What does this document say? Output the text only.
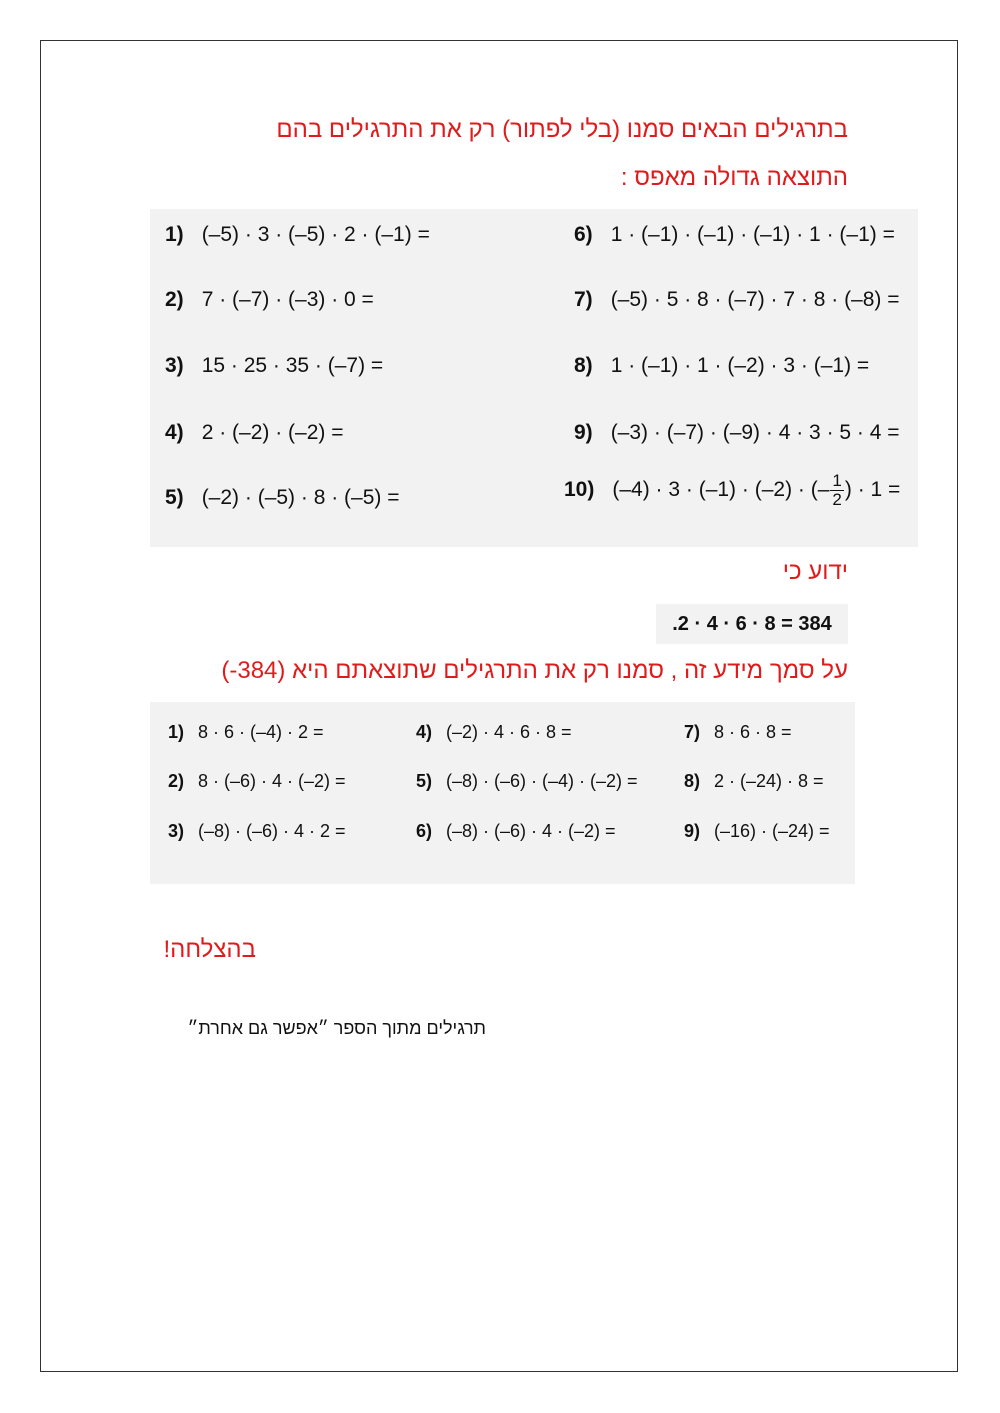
בתרגילים הבאים סמנו (בלי לפתור) רק את התרגילים בהם
התוצאה גדולה מאפס :
1) (–5) · 3 · (–5) · 2 · (–1) =
2) 7 · (–7) · (–3) · 0 =
3) 15 · 25 · 35 · (–7) =
4) 2 · (–2) · (–2) =
5) (–2) · (–5) · 8 · (–5) =
6) 1 · (–1) · (–1) · (–1) · 1 · (–1) =
7) (–5) · 5 · 8 · (–7) · 7 · 8 · (–8) =
8) 1 · (–1) · 1 · (–2) · 3 · (–1) =
9) (–3) · (–7) · (–9) · 4 · 3 · 5 · 4 =
10) (–4) · 3 · (–1) · (–2) · (– $\frac{1}{2}$ ) · 1 =
ידוע כי
.2 · 4 · 6 · 8 = 384
על סמך מידע זה , סמנו רק את התרגילים שתוצאתם היא (384-)
1) 8 · 6 · (–4) · 2 =
2) 8 · (–6) · 4 · (–2) =
3) (–8) · (–6) · 4 · 2 =
4) (–2) · 4 · 6 · 8 =
5) (–8) · (–6) · (–4) · (–2) =
6) (–8) · (–6) · 4 · (–2) =
7) 8 · 6 · 8 =
8) 2 · (–24) · 8 =
9) (–16) · (–24) =
בהצלחה!
תרגילים מתוך הספר ״אפשר גם אחרת״
